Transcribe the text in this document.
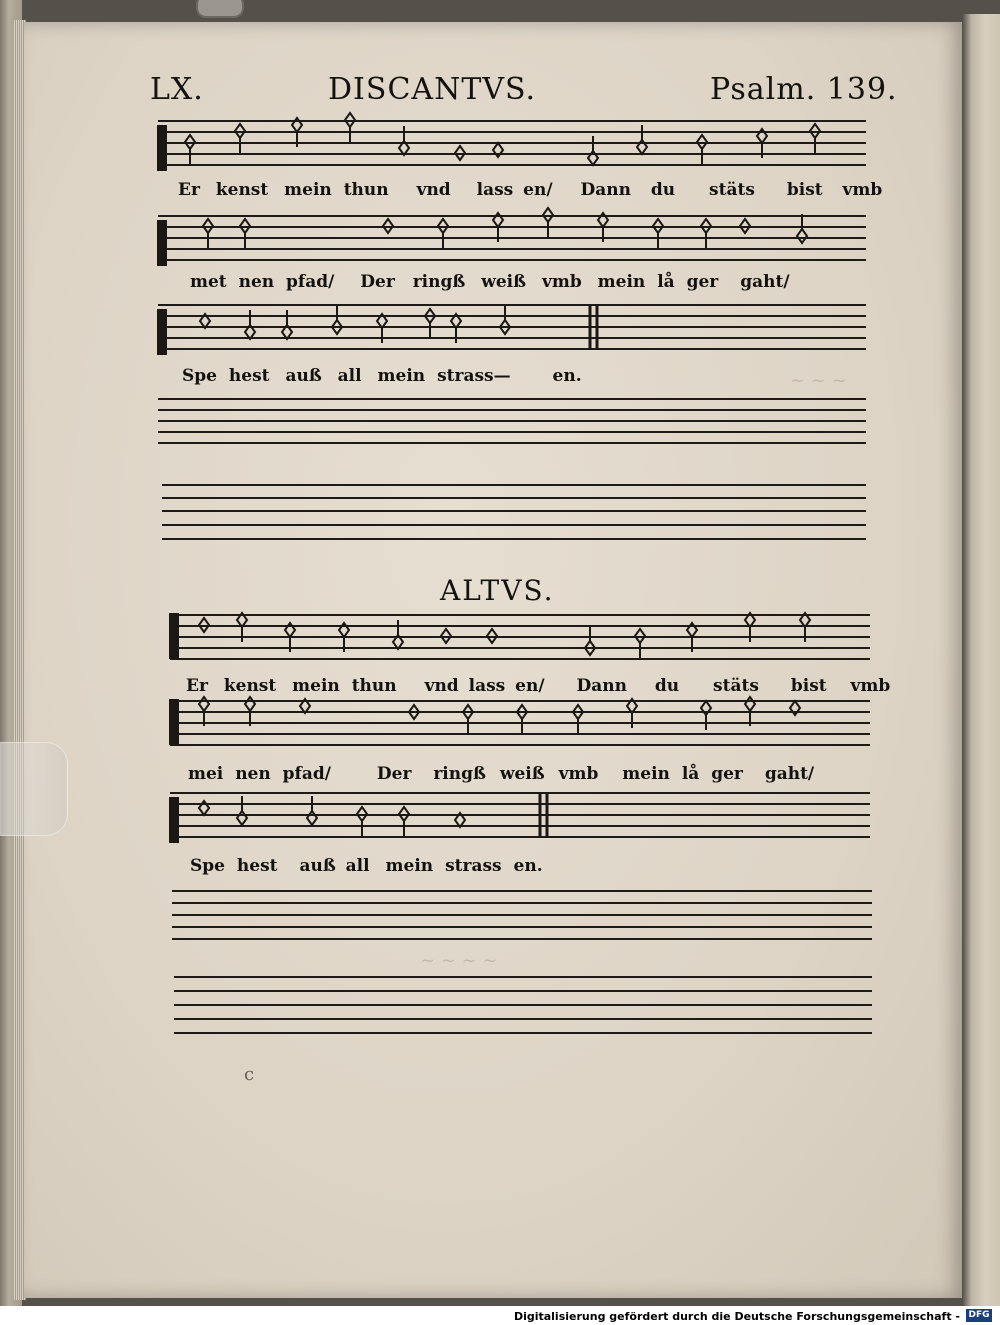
~ ~ ~
~ ~ ~ ~
LX.	DISCANTVS.	Psalm. 139.
ALTVS.
Er kenst mein thun vnd lass en/ Dann du stäts bist vmb
met nen pfad/ Der ringß weiß vmb mein lå ger gaht/
Spe hest auß all mein strass— en.
Er kenst mein thun vnd lass en/ Dann du stäts bist vmb
mei nen pfad/	Der ringß weiß vmb mein lå ger gaht/
Spe hest auß all mein strass en.
c
Digitalisierung gefördert durch die Deutsche Forschungsgemeinschaft - DFG
